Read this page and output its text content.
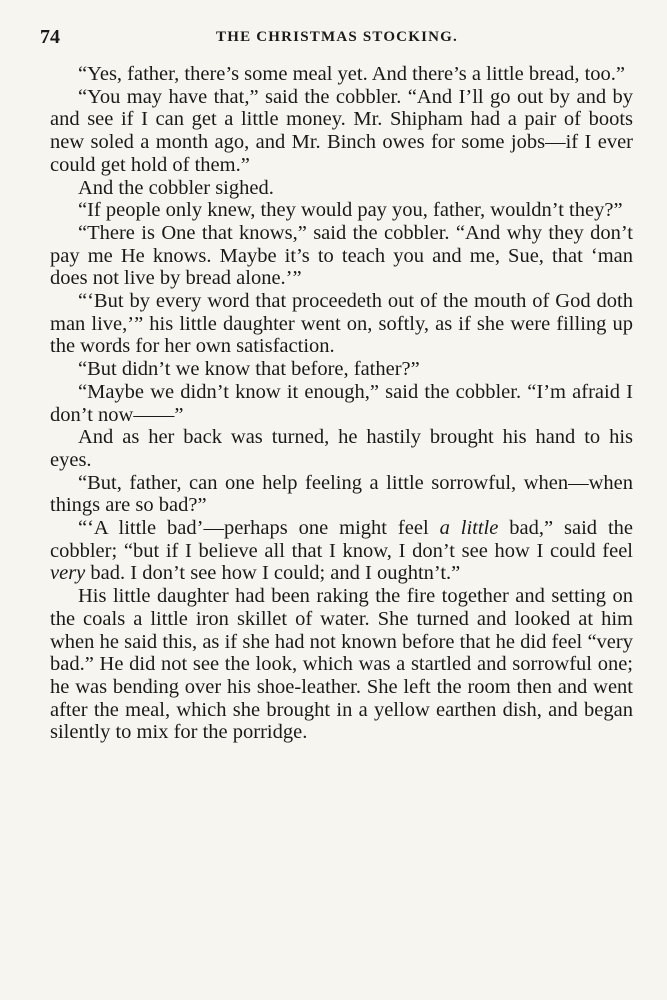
74	THE CHRISTMAS STOCKING.

“Yes, father, there’s some meal yet. And there’s a little bread, too.”

“You may have that,” said the cobbler. “And I’ll go out by and by and see if I can get a little money. Mr. Shipham had a pair of boots new soled a month ago, and Mr. Binch owes for some jobs—if I ever could get hold of them.”

And the cobbler sighed.

“If people only knew, they would pay you, father, wouldn’t they?”

“There is One that knows,” said the cobbler. “And why they don’t pay me He knows. Maybe it’s to teach you and me, Sue, that ‘man does not live by bread alone.’”

“‘But by every word that proceedeth out of the mouth of God doth man live,’” his little daughter went on, softly, as if she were filling up the words for her own satisfaction.

“But didn’t we know that before, father?”

“Maybe we didn’t know it enough,” said the cobbler. “I’m afraid I don’t now——”

And as her back was turned, he hastily brought his hand to his eyes.

“But, father, can one help feeling a little sorrowful, when—when things are so bad?”

“‘A little bad’—perhaps one might feel a little bad,” said the cobbler; “but if I believe all that I know, I don’t see how I could feel very bad. I don’t see how I could; and I oughtn’t.”

His little daughter had been raking the fire together and setting on the coals a little iron skillet of water. She turned and looked at him when he said this, as if she had not known before that he did feel “very bad.” He did not see the look, which was a startled and sorrowful one; he was bending over his shoe-leather. She left the room then and went after the meal, which she brought in a yellow earthen dish, and began silently to mix for the porridge.
